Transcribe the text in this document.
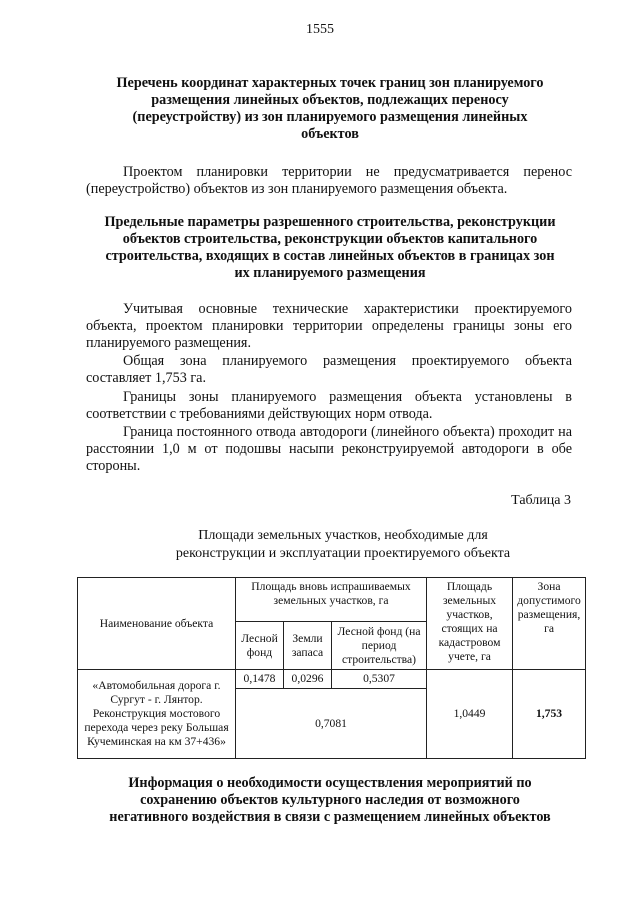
1555
Перечень координат характерных точек границ зон планируемого
размещения линейных объектов, подлежащих переносу
(переустройству) из зон планируемого размещения линейных
объектов
Проектом планировки территории не предусматривается перенос (переустройство) объектов из зон планируемого размещения объекта.
Предельные параметры разрешенного строительства, реконструкции
объектов строительства, реконструкции объектов капитального
строительства, входящих в состав линейных объектов в границах зон
их планируемого размещения
Учитывая основные технические характеристики проектируемого объекта, проектом планировки территории определены границы зоны его планируемого размещения.
Общая зона планируемого размещения проектируемого объекта составляет 1,753 га.
Границы зоны планируемого размещения объекта установлены в соответствии с требованиями действующих норм отвода.
Граница постоянного отвода автодороги (линейного объекта) проходит на расстоянии 1,0 м от подошвы насыпи реконструируемой автодороги в обе стороны.
Таблица 3
Площади земельных участков, необходимые для
реконструкции и эксплуатации проектируемого объекта
Наименование объекта	Площадь вновь испрашиваемых земельных участков, га			Площадь земельных участков, стоящих на кадастровом учете, га	Зона допустимого размещения, га
	Лесной фонд	Земли запаса	Лесной фонд (на период строительства)		
«Автомобильная дорога г. Сургут - г. Лянтор. Реконструкция мостового перехода через реку Большая Кучеминская на км 37+436»	0,1478	0,0296	0,5307	1,0449	1,753
	0,7081				
Информация о необходимости осуществления мероприятий по
сохранению объектов культурного наследия от возможного
негативного воздействия в связи с размещением линейных объектов
